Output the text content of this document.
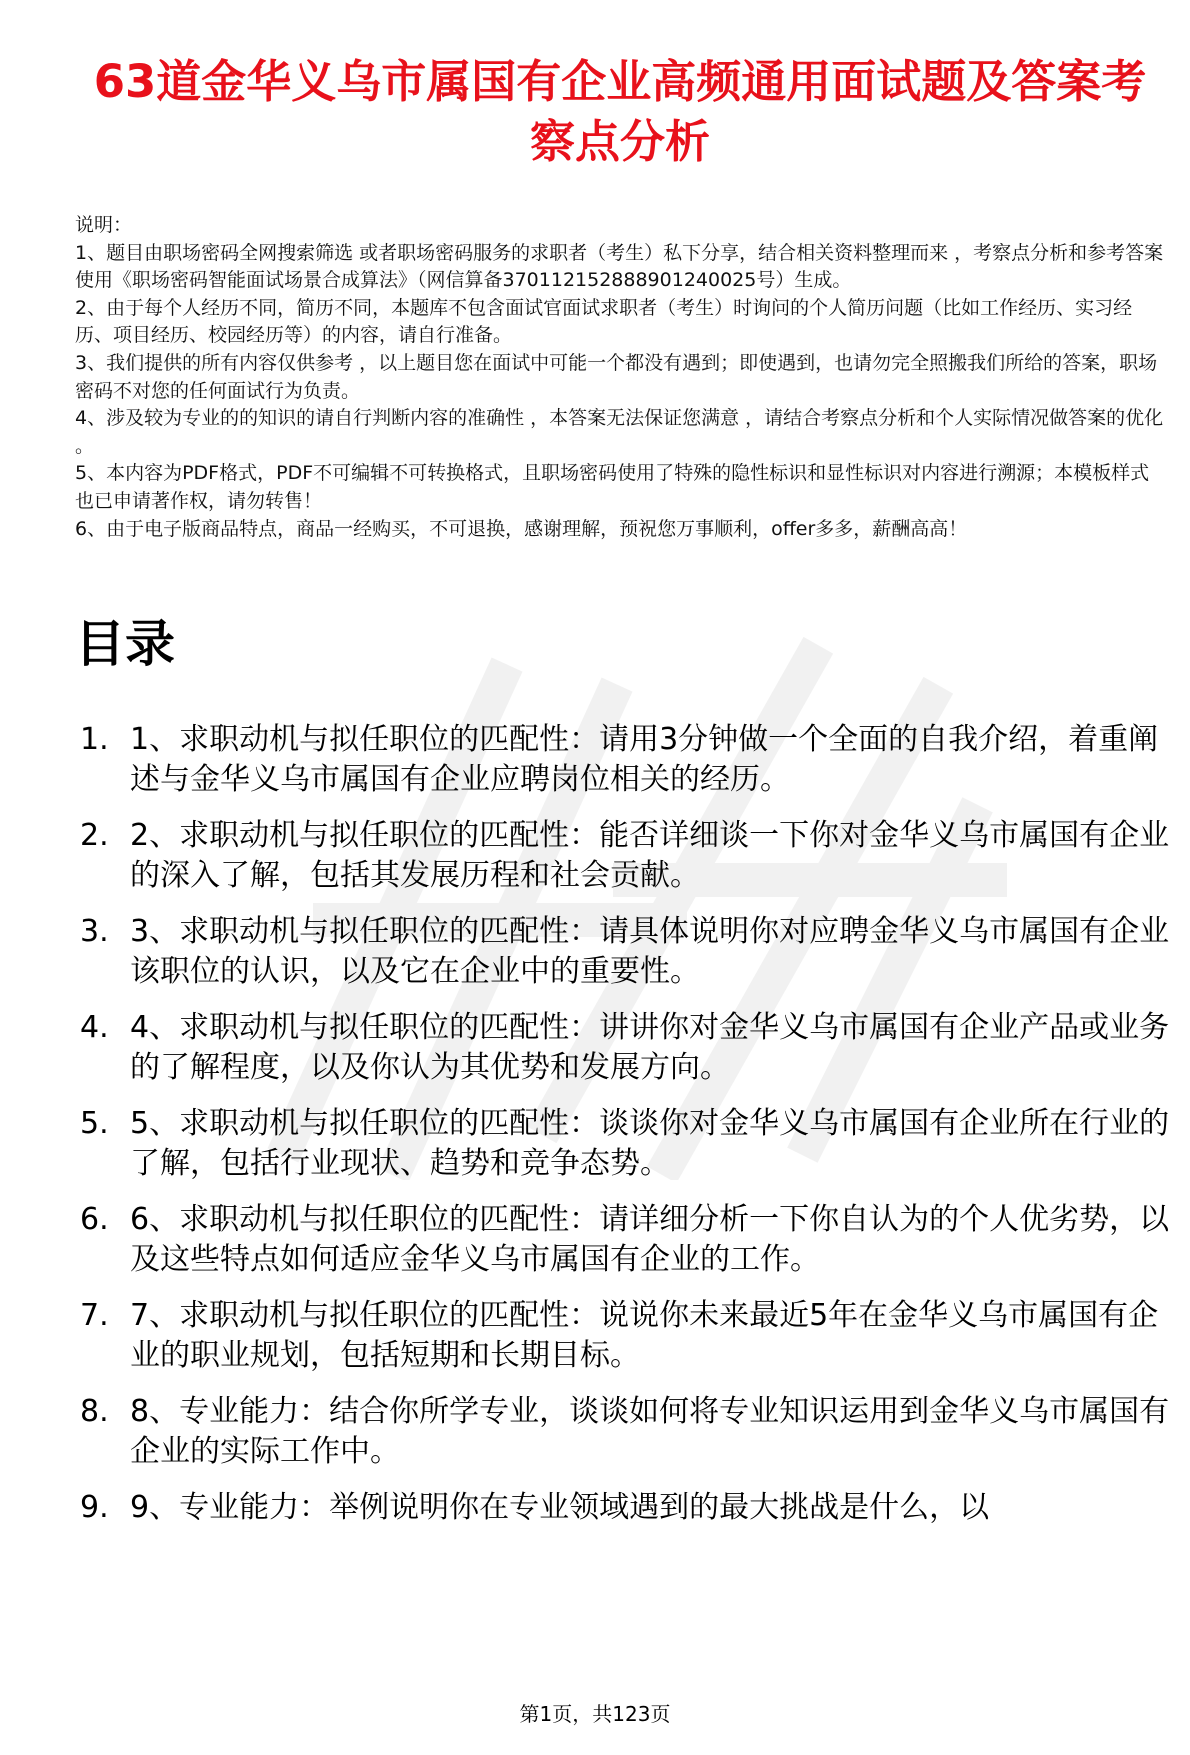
63道金华义乌市属国有企业高频通用面试题及答案考察点分析

说明：

1、题目由职场密码全网搜索筛选 或者职场密码服务的求职者（考生）私下分享，结合相关资料整理而来 ，考察点分析和参考答案使用《职场密码智能面试场景合成算法》（网信算备370112152888901240025号）生成。

2、由于每个人经历不同，简历不同，本题库不包含面试官面试求职者（考生）时询问的个人简历问题（比如工作经历、实习经历、项目经历、校园经历等）的内容，请自行准备。

3、我们提供的所有内容仅供参考 ，以上题目您在面试中可能一个都没有遇到；即使遇到，也请勿完全照搬我们所给的答案，职场密码不对您的任何面试行为负责。

4、涉及较为专业的的知识的请自行判断内容的准确性 ，本答案无法保证您满意 ，请结合考察点分析和个人实际情况做答案的优化 。

5、本内容为PDF格式，PDF不可编辑不可转换格式，且职场密码使用了特殊的隐性标识和显性标识对内容进行溯源；本模板样式也已申请著作权，请勿转售！

6、由于电子版商品特点，商品一经购买，不可退换，感谢理解，预祝您万事顺利，offer多多，薪酬高高！

目录
1. 1、求职动机与拟任职位的匹配性：请用3分钟做一个全面的自我介绍，着重阐述与金华义乌市属国有企业应聘岗位相关的经历。
2. 2、求职动机与拟任职位的匹配性：能否详细谈一下你对金华义乌市属国有企业的深入了解，包括其发展历程和社会贡献。
3. 3、求职动机与拟任职位的匹配性：请具体说明你对应聘金华义乌市属国有企业该职位的认识，以及它在企业中的重要性。
4. 4、求职动机与拟任职位的匹配性：讲讲你对金华义乌市属国有企业产品或业务的了解程度，以及你认为其优势和发展方向。
5. 5、求职动机与拟任职位的匹配性：谈谈你对金华义乌市属国有企业所在行业的了解，包括行业现状、趋势和竞争态势。
6. 6、求职动机与拟任职位的匹配性：请详细分析一下你自认为的个人优劣势，以及这些特点如何适应金华义乌市属国有企业的工作。
7. 7、求职动机与拟任职位的匹配性：说说你未来最近5年在金华义乌市属国有企业的职业规划，包括短期和长期目标。
8. 8、专业能力：结合你所学专业，谈谈如何将专业知识运用到金华义乌市属国有企业的实际工作中。
9. 9、专业能力：举例说明你在专业领域遇到的最大挑战是什么，以
第1页，共123页
